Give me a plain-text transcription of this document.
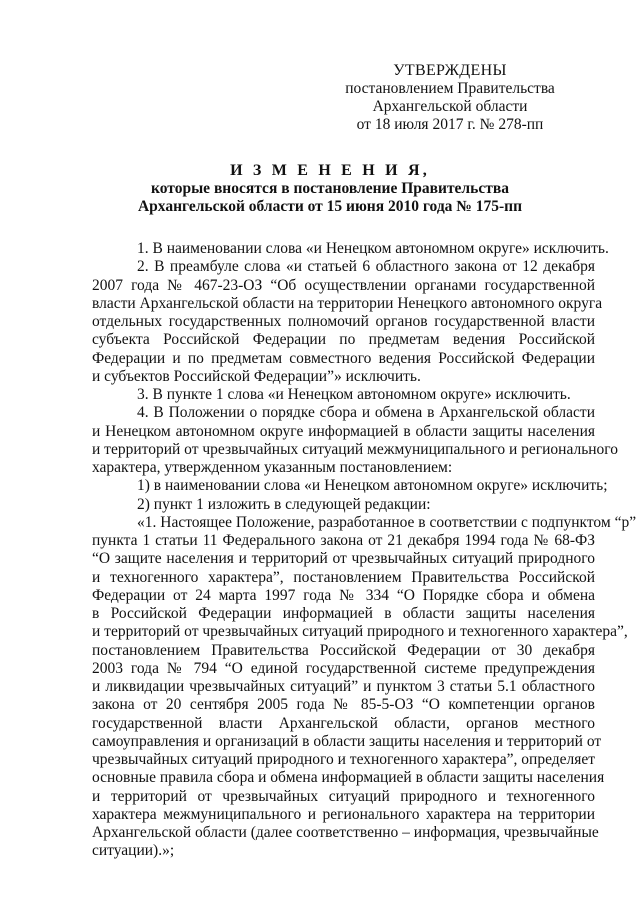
УТВЕРЖДЕНЫ
постановлением Правительства
Архангельской области
от 18 июля 2017 г. № 278-пп
И З М Е Н Е Н И Я,
которые вносятся в постановление Правительства
Архангельской области от 15 июня 2010 года № 175-пп
1. В наименовании слова «и Ненецком автономном округе» исключить.
2. В преамбуле слова «и статьей 6 областного закона от 12 декабря
2007 года № 467-23-ОЗ “Об осуществлении органами государственной
власти Архангельской области на территории Ненецкого автономного округа
отдельных государственных полномочий органов государственной власти
субъекта Российской Федерации по предметам ведения Российской
Федерации и по предметам совместного ведения Российской Федерации
и субъектов Российской Федерации”» исключить.
3. В пункте 1 слова «и Ненецком автономном округе» исключить.
4. В Положении о порядке сбора и обмена в Архангельской области
и Ненецком автономном округе информацией в области защиты населения
и территорий от чрезвычайных ситуаций межмуниципального и регионального
характера, утвержденном указанным постановлением:
1) в наименовании слова «и Ненецком автономном округе» исключить;
2) пункт 1 изложить в следующей редакции:
«1. Настоящее Положение, разработанное в соответствии с подпунктом “р”
пункта 1 статьи 11 Федерального закона от 21 декабря 1994 года № 68-ФЗ
“О защите населения и территорий от чрезвычайных ситуаций природного
и техногенного характера”, постановлением Правительства Российской
Федерации от 24 марта 1997 года № 334 “О Порядке сбора и обмена
в Российской Федерации информацией в области защиты населения
и территорий от чрезвычайных ситуаций природного и техногенного характера”,
постановлением Правительства Российской Федерации от 30 декабря
2003 года № 794 “О единой государственной системе предупреждения
и ликвидации чрезвычайных ситуаций” и пунктом 3 статьи 5.1 областного
закона от 20 сентября 2005 года № 85-5-ОЗ “О компетенции органов
государственной власти Архангельской области, органов местного
самоуправления и организаций в области защиты населения и территорий от
чрезвычайных ситуаций природного и техногенного характера”, определяет
основные правила сбора и обмена информацией в области защиты населения
и территорий от чрезвычайных ситуаций природного и техногенного
характера межмуниципального и регионального характера на территории
Архангельской области (далее соответственно – информация, чрезвычайные
ситуации).»;
